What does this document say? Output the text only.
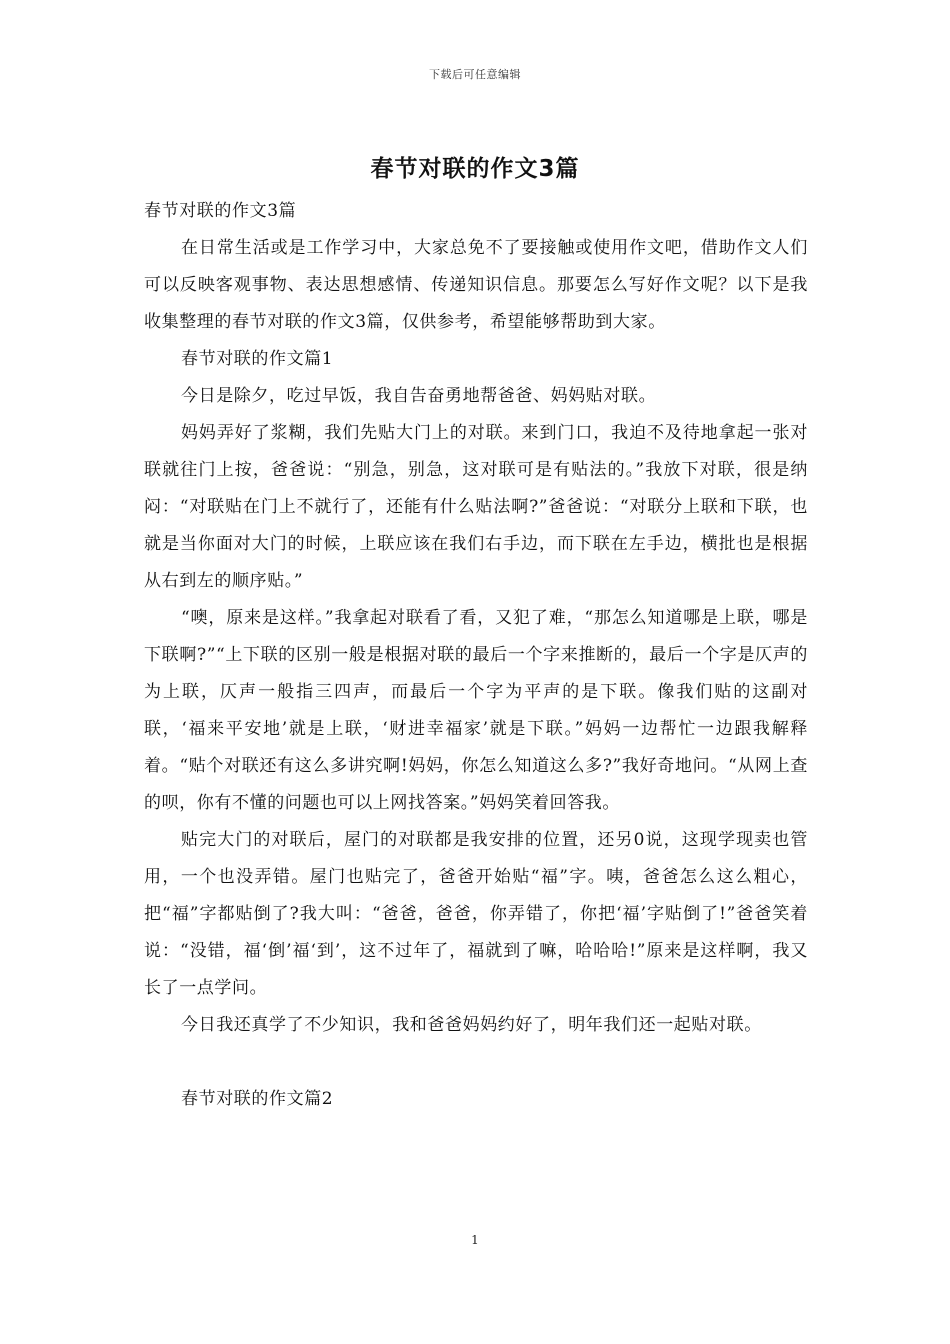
下载后可任意编辑
春节对联的作文3篇

春节对联的作文3篇

在日常生活或是工作学习中，大家总免不了要接触或使用作文吧，借助作文人们可以反映客观事物、表达思想感情、传递知识信息。那要怎么写好作文呢？以下是我收集整理的春节对联的作文3篇，仅供参考，希望能够帮助到大家。

春节对联的作文篇1

今日是除夕，吃过早饭，我自告奋勇地帮爸爸、妈妈贴对联。

妈妈弄好了浆糊，我们先贴大门上的对联。来到门口，我迫不及待地拿起一张对联就往门上按，爸爸说：“别急，别急，这对联可是有贴法的。”我放下对联，很是纳闷：“对联贴在门上不就行了，还能有什么贴法啊?”爸爸说：“对联分上联和下联，也就是当你面对大门的时候，上联应该在我们右手边，而下联在左手边，横批也是根据从右到左的顺序贴。”

“噢，原来是这样。”我拿起对联看了看，又犯了难，“那怎么知道哪是上联，哪是下联啊?”“上下联的区别一般是根据对联的最后一个字来推断的，最后一个字是仄声的为上联，仄声一般指三四声，而最后一个字为平声的是下联。像我们贴的这副对联，‘福来平安地’就是上联，‘财进幸福家’就是下联。”妈妈一边帮忙一边跟我解释着。“贴个对联还有这么多讲究啊!妈妈，你怎么知道这么多?”我好奇地问。“从网上查的呗，你有不懂的问题也可以上网找答案。”妈妈笑着回答我。

贴完大门的对联后，屋门的对联都是我安排的位置，还另0说，这现学现卖也管用，一个也没弄错。屋门也贴完了，爸爸开始贴“福”字。咦，爸爸怎么这么粗心，把“福”字都贴倒了?我大叫：“爸爸，爸爸，你弄错了，你把‘福’字贴倒了!”爸爸笑着说：“没错，福‘倒’福‘到’，这不过年了，福就到了嘛，哈哈哈!”原来是这样啊，我又长了一点学问。

今日我还真学了不少知识，我和爸爸妈妈约好了，明年我们还一起贴对联。

春节对联的作文篇2

1
